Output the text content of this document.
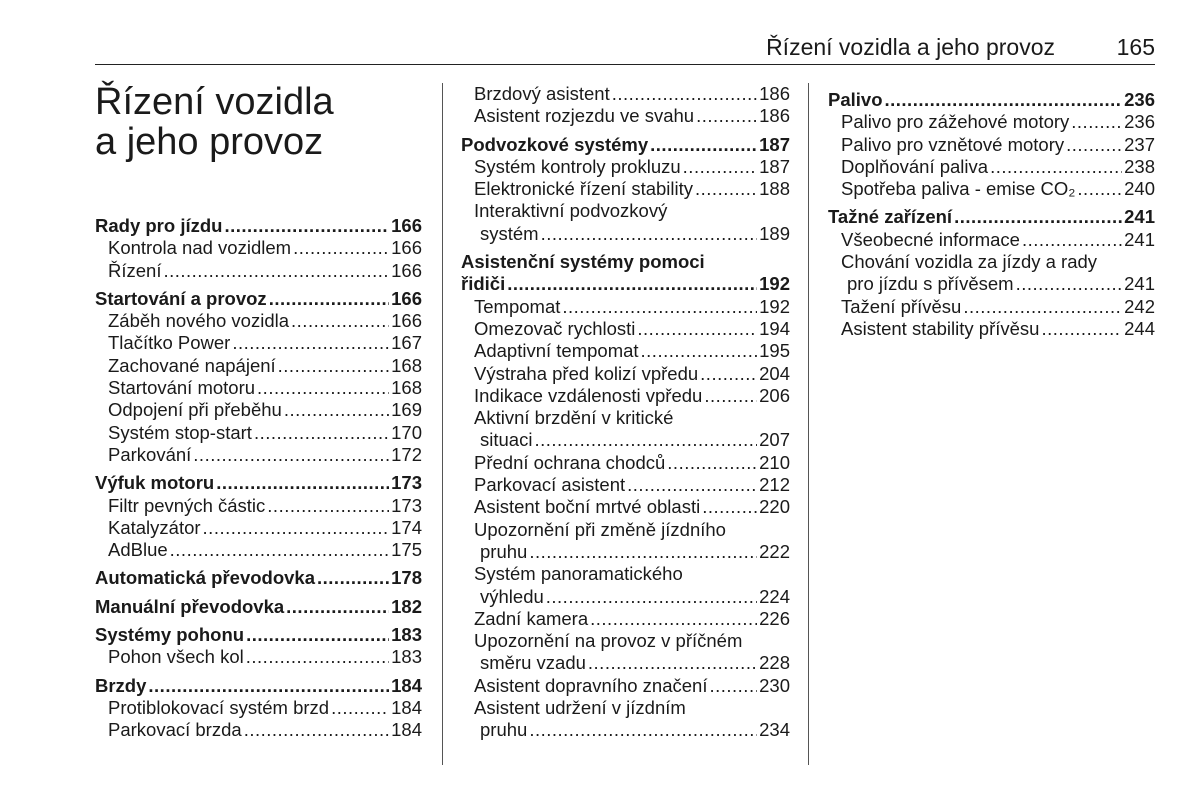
Řízení vozidla a jeho provoz	165
Řízení vozidla
a jeho provoz
Rady pro jízdu .....	166
Kontrola nad vozidlem .....	166
Řízení .....	166
Startování a provoz .....	166
Záběh nového vozidla .....	166
Tlačítko Power .....	167
Zachované napájení .....	168
Startování motoru .....	168
Odpojení při přeběhu .....	169
Systém stop-start .....	170
Parkování .....	172
Výfuk motoru .....	173
Filtr pevných částic .....	173
Katalyzátor .....	174
AdBlue .....	175
Automatická převodovka .....	178
Manuální převodovka .....	182
Systémy pohonu .....	183
Pohon všech kol .....	183
Brzdy .....	184
Protiblokovací systém brzd .....	184
Parkovací brzda .....	184
Brzdový asistent .....	186
Asistent rozjezdu ve svahu .....	186
Podvozkové systémy .....	187
Systém kontroly prokluzu .....	187
Elektronické řízení stability .....	188
Interaktivní podvozkový
systém .....	189
Asistenční systémy pomoci
řidiči .....	192
Tempomat .....	192
Omezovač rychlosti .....	194
Adaptivní tempomat .....	195
Výstraha před kolizí vpředu .....	204
Indikace vzdálenosti vpředu .....	206
Aktivní brzdění v kritické
situaci .....	207
Přední ochrana chodců .....	210
Parkovací asistent .....	212
Asistent boční mrtvé oblasti .....	220
Upozornění při změně jízdního
pruhu .....	222
Systém panoramatického
výhledu .....	224
Zadní kamera .....	226
Upozornění na provoz v příčném
směru vzadu .....	228
Asistent dopravního značení .....	230
Asistent udržení v jízdním
pruhu .....	234
Palivo .....	236
Palivo pro zážehové motory .....	236
Palivo pro vznětové motory .....	237
Doplňování paliva .....	238
Spotřeba paliva - emise CO₂ .....	240
Tažné zařízení .....	241
Všeobecné informace .....	241
Chování vozidla za jízdy a rady
pro jízdu s přívěsem .....	241
Tažení přívěsu .....	242
Asistent stability přívěsu .....	244
